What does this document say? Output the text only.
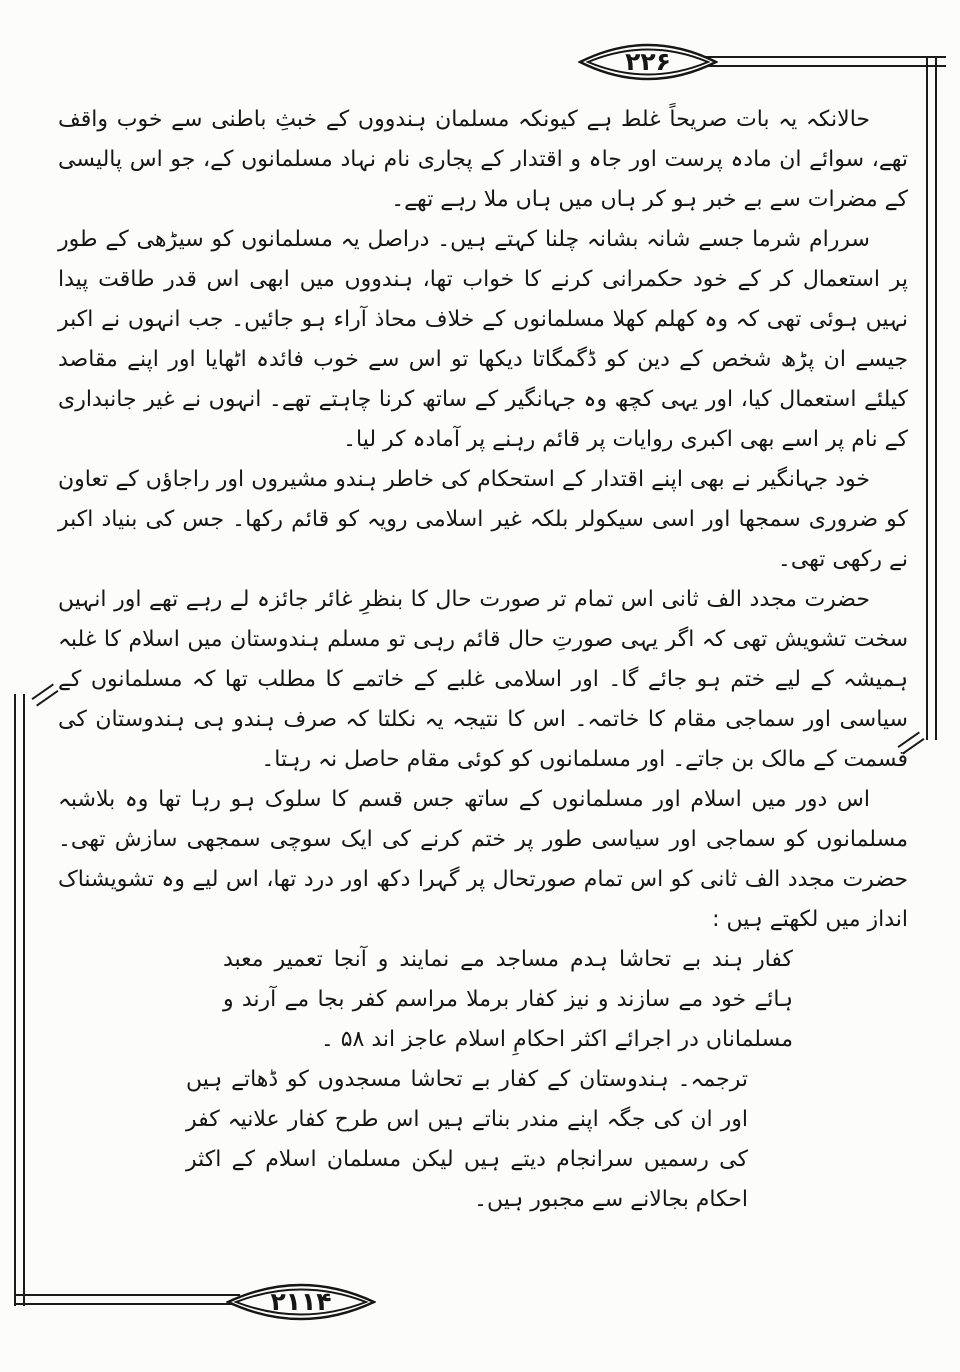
۲۲۶
۲۱۱۴

حالانکہ یہ بات صریحاً غلط ہے کیونکہ مسلمان ہندووں کے خبثِ باطنی سے خوب واقف تھے، سوائے ان مادہ پرست اور جاہ و اقتدار کے پجاری نام نہاد مسلمانوں کے، جو اس پالیسی کے مضرات سے بے خبر ہو کر ہاں میں ہاں ملا رہے تھے۔

سررام شرما جسے شانہ بشانہ چلنا کہتے ہیں۔ دراصل یہ مسلمانوں کو سیڑھی کے طور پر استعمال کر کے خود حکمرانی کرنے کا خواب تھا، ہندووں میں ابھی اس قدر طاقت پیدا نہیں ہوئی تھی کہ وہ کھلم کھلا مسلمانوں کے خلاف محاذ آراء ہو جائیں۔ جب انہوں نے اکبر جیسے ان پڑھ شخص کے دین کو ڈگمگاتا دیکھا تو اس سے خوب فائدہ اٹھایا اور اپنے مقاصد کیلئے استعمال کیا، اور یہی کچھ وہ جہانگیر کے ساتھ کرنا چاہتے تھے۔ انہوں نے غیر جانبداری کے نام پر اسے بھی اکبری روایات پر قائم رہنے پر آمادہ کر لیا۔

خود جہانگیر نے بھی اپنے اقتدار کے استحکام کی خاطر ہندو مشیروں اور راجاؤں کے تعاون کو ضروری سمجھا اور اسی سیکولر بلکہ غیر اسلامی رویہ کو قائم رکھا۔ جس کی بنیاد اکبر نے رکھی تھی۔

حضرت مجدد الف ثانی اس تمام تر صورت حال کا بنظرِ غائر جائزہ لے رہے تھے اور انہیں سخت تشویش تھی کہ اگر یہی صورتِ حال قائم رہی تو مسلم ہندوستان میں اسلام کا غلبہ ہمیشہ کے لیے ختم ہو جائے گا۔ اور اسلامی غلبے کے خاتمے کا مطلب تھا کہ مسلمانوں کے سیاسی اور سماجی مقام کا خاتمہ۔ اس کا نتیجہ یہ نکلتا کہ صرف ہندو ہی ہندوستان کی قسمت کے مالک بن جاتے۔ اور مسلمانوں کو کوئی مقام حاصل نہ رہتا۔

اس دور میں اسلام اور مسلمانوں کے ساتھ جس قسم کا سلوک ہو رہا تھا وہ بلاشبہ مسلمانوں کو سماجی اور سیاسی طور پر ختم کرنے کی ایک سوچی سمجھی سازش تھی۔ حضرت مجدد الف ثانی کو اس تمام صورتحال پر گہرا دکھ اور درد تھا، اس لیے وہ تشویشناک انداز میں لکھتے ہیں :

کفار ہند بے تحاشا ہدم مساجد مے نمایند و آنجا تعمیر معبد ہائے خود مے سازند و نیز کفار برملا مراسم کفر بجا مے آرند و مسلماناں در اجرائے اکثر احکامِ اسلام عاجز اند ۵۸ ۔

ترجمہ۔ ہندوستان کے کفار بے تحاشا مسجدوں کو ڈھاتے ہیں اور ان کی جگہ اپنے مندر بناتے ہیں اس طرح کفار علانیہ کفر کی رسمیں سرانجام دیتے ہیں لیکن مسلمان اسلام کے اکثر احکام بجالانے سے مجبور ہیں۔
